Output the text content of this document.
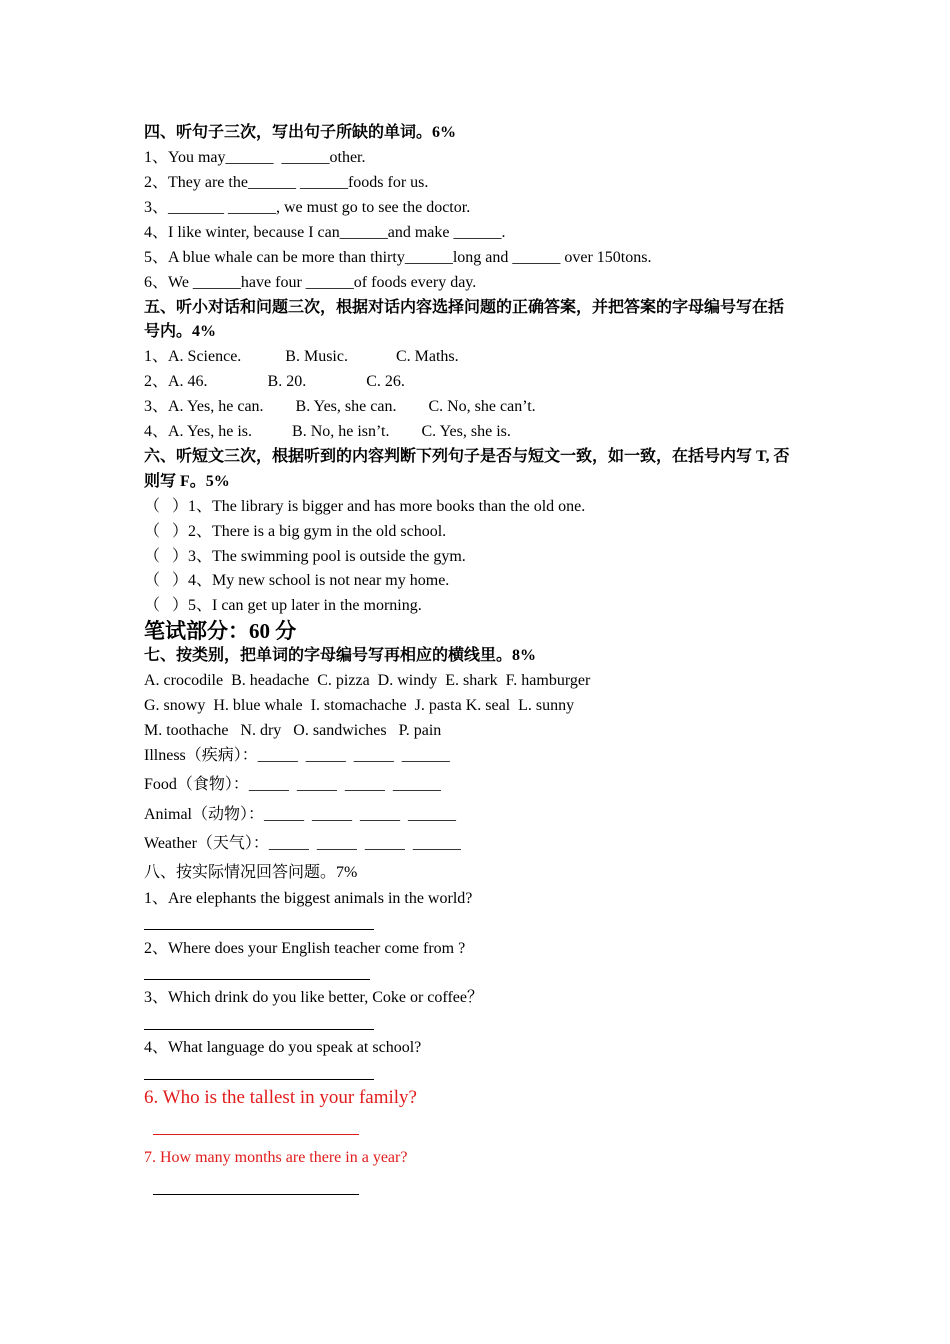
四、听句子三次，写出句子所缺的单词。6%
1、You may______  ______other.
2、They are the______ ______foods for us.
3、_______ ______, we must go to see the doctor.
4、I like winter, because I can______and make ______.
5、A blue whale can be more than thirty______long and ______ over 150tons.
6、We ______have four ______of foods every day.
五、听小对话和问题三次，根据对话内容选择问题的正确答案，并把答案的字母编号写在括
号内。4%
1、A. Science.           B. Music.            C. Maths.
2、A. 46.               B. 20.               C. 26.
3、A. Yes, he can.        B. Yes, she can.        C. No, she can’t.
4、A. Yes, he is.          B. No, he isn’t.        C. Yes, she is.
六、听短文三次，根据听到的内容判断下列句子是否与短文一致，如一致，在括号内写 T, 否
则写 F。5%
（   ）1、The library is bigger and has more books than the old one.
（   ）2、There is a big gym in the old school.
（   ）3、The swimming pool is outside the gym.
（   ）4、My new school is not near my home.
（   ）5、I can get up later in the morning.
笔试部分：60 分
七、按类别，把单词的字母编号写再相应的横线里。8%
A. crocodile  B. headache  C. pizza  D. windy  E. shark  F. hamburger
G. snowy  H. blue whale  I. stomachache  J. pasta K. seal  L. sunny
M. toothache   N. dry   O. sandwiches   P. pain
Illness（疾病）：_____  _____  _____  ______
Food（食物）：_____  _____  _____  ______
Animal（动物）：_____  _____  _____  ______
Weather（天气）：_____  _____  _____  ______
八、按实际情况回答问题。7%
1、Are elephants the biggest animals in the world?
2、Where does your English teacher come from ?
3、Which drink do you like better, Coke or coffee？
4、What language do you speak at school?
6. Who is the tallest in your family?
7. How many months are there in a year?
